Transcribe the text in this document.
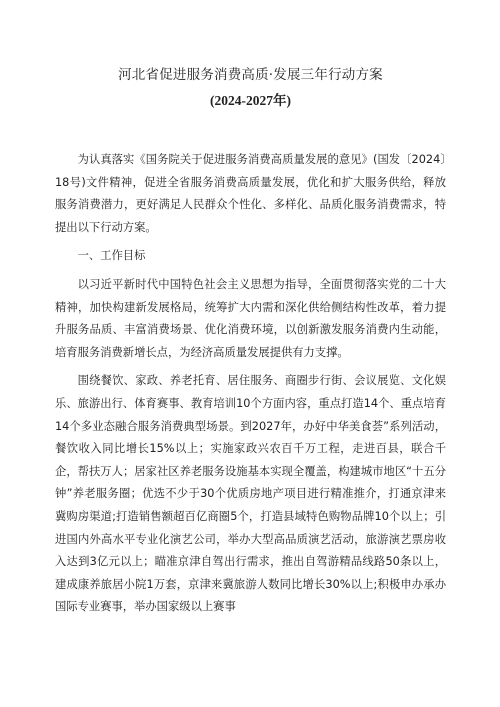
河北省促进服务消费高质·发展三年行动方案
(2024-2027年)

为认真落实《国务院关于促进服务消费高质量发展的意见》(国发〔2024〕18号)文件精神，促进全省服务消费高质量发展，优化和扩大服务供给，释放服务消费潜力，更好满足人民群众个性化、多样化、品质化服务消费需求，特提出以下行动方案。

一、工作目标

以习近平新时代中国特色社会主义思想为指导，全面贯彻落实党的二十大精神，加快构建新发展格局，统筹扩大内需和深化供给侧结构性改革，着力提升服务品质、丰富消费场景、优化消费环境，以创新激发服务消费内生动能，培育服务消费新增长点，为经济高质量发展提供有力支撑。

围绕餐饮、家政、养老托育、居住服务、商圈步行街、会议展览、文化娱乐、旅游出行、体育赛事、教育培训10个方面内容，重点打造14个、重点培育14个多业态融合服务消费典型场景。到2027年，办好中华美食荟”系列活动，餐饮收入同比增长15%以上；实施家政兴农百千万工程，走进百县，联合千企，帮扶万人；居家社区养老服务设施基本实现全覆盖，构建城市地区“十五分钟”养老服务圈；优选不少于30个优质房地产项目进行精准推介，打通京津来冀购房渠道;打造销售额超百亿商圈5个，打造县域特色购物品牌10个以上；引进国内外高水平专业化演艺公司，举办大型高品质演艺活动，旅游演艺票房收入达到3亿元以上；瞄准京津自驾出行需求，推出自驾游精品线路50条以上，建成康养旅居小院1万套，京津来冀旅游人数同比增长30%以上;积极申办承办国际专业赛事，举办国家级以上赛事
